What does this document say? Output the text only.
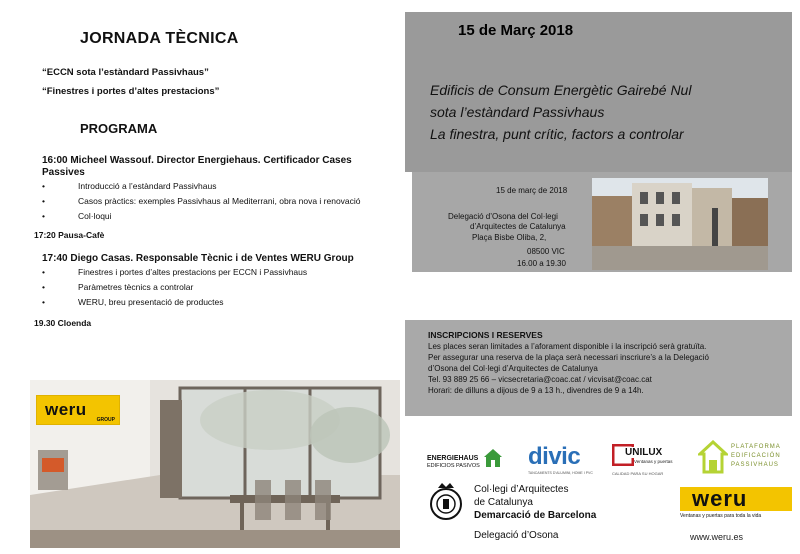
JORNADA TÈCNICA
“ECCN sota l’estàndard Passivhaus”
“Finestres i portes d’altes prestacions”
PROGRAMA
16:00 Micheel Wassouf. Director Energiehaus. Certificador Cases Passives
• Introducció a l’estàndard Passivhaus
• Casos pràctics: exemples Passivhaus al Mediterrani, obra nova i renovació
• Col·loqui
17:20 Pausa-Cafè
17:40 Diego Casas. Responsable Tècnic i de Ventes WERU Group
• Finestres i portes d’altes prestacions per ECCN i Passivhaus
• Paràmetres tècnics a controlar
• WERU, breu presentació de productes
19.30 Cloenda
weru
GROUP
15 de Març 2018
Edificis de Consum Energètic Gairebé Nul
sota l’estàndard Passivhaus
La finestra, punt crític, factors a controlar
15 de març de 2018
Delegació d’Osona del Col·legi
d’Arquitectes de Catalunya
Plaça Bisbe Oliba, 2,
08500 VIC
16.00 a 19.30
INSCRIPCIONS I RESERVES
Les places seran limitades a l’aforament disponible i la inscripció serà gratuïta.
Per assegurar una reserva de la plaça serà necessari inscriure’s a la Delegació
d’Osona del Col·legi d’Arquitectes de Catalunya
Tel. 93 889 25 66 – vicsecretaria@coac.cat / vicvisat@coac.cat
Horari: de dilluns a dijous de 9 a 13 h., divendres de 9 a 14h.
ENERGIEHAUS
EDIFICIOS PASIVOS divic
TANCAMENTS D’ALUMINI, HOME I PVC
UNILUX
Ventanas y puertas
CALIDAD PARA SU HOGAR
PLATAFORMA
EDIFICACIÓN
PASSIVHAUS
Col·legi d’Arquitectes
de Catalunya
Demarcació de Barcelona
Delegació d’Osona
weru
Ventanas y puertas para toda la vida
www.weru.es
